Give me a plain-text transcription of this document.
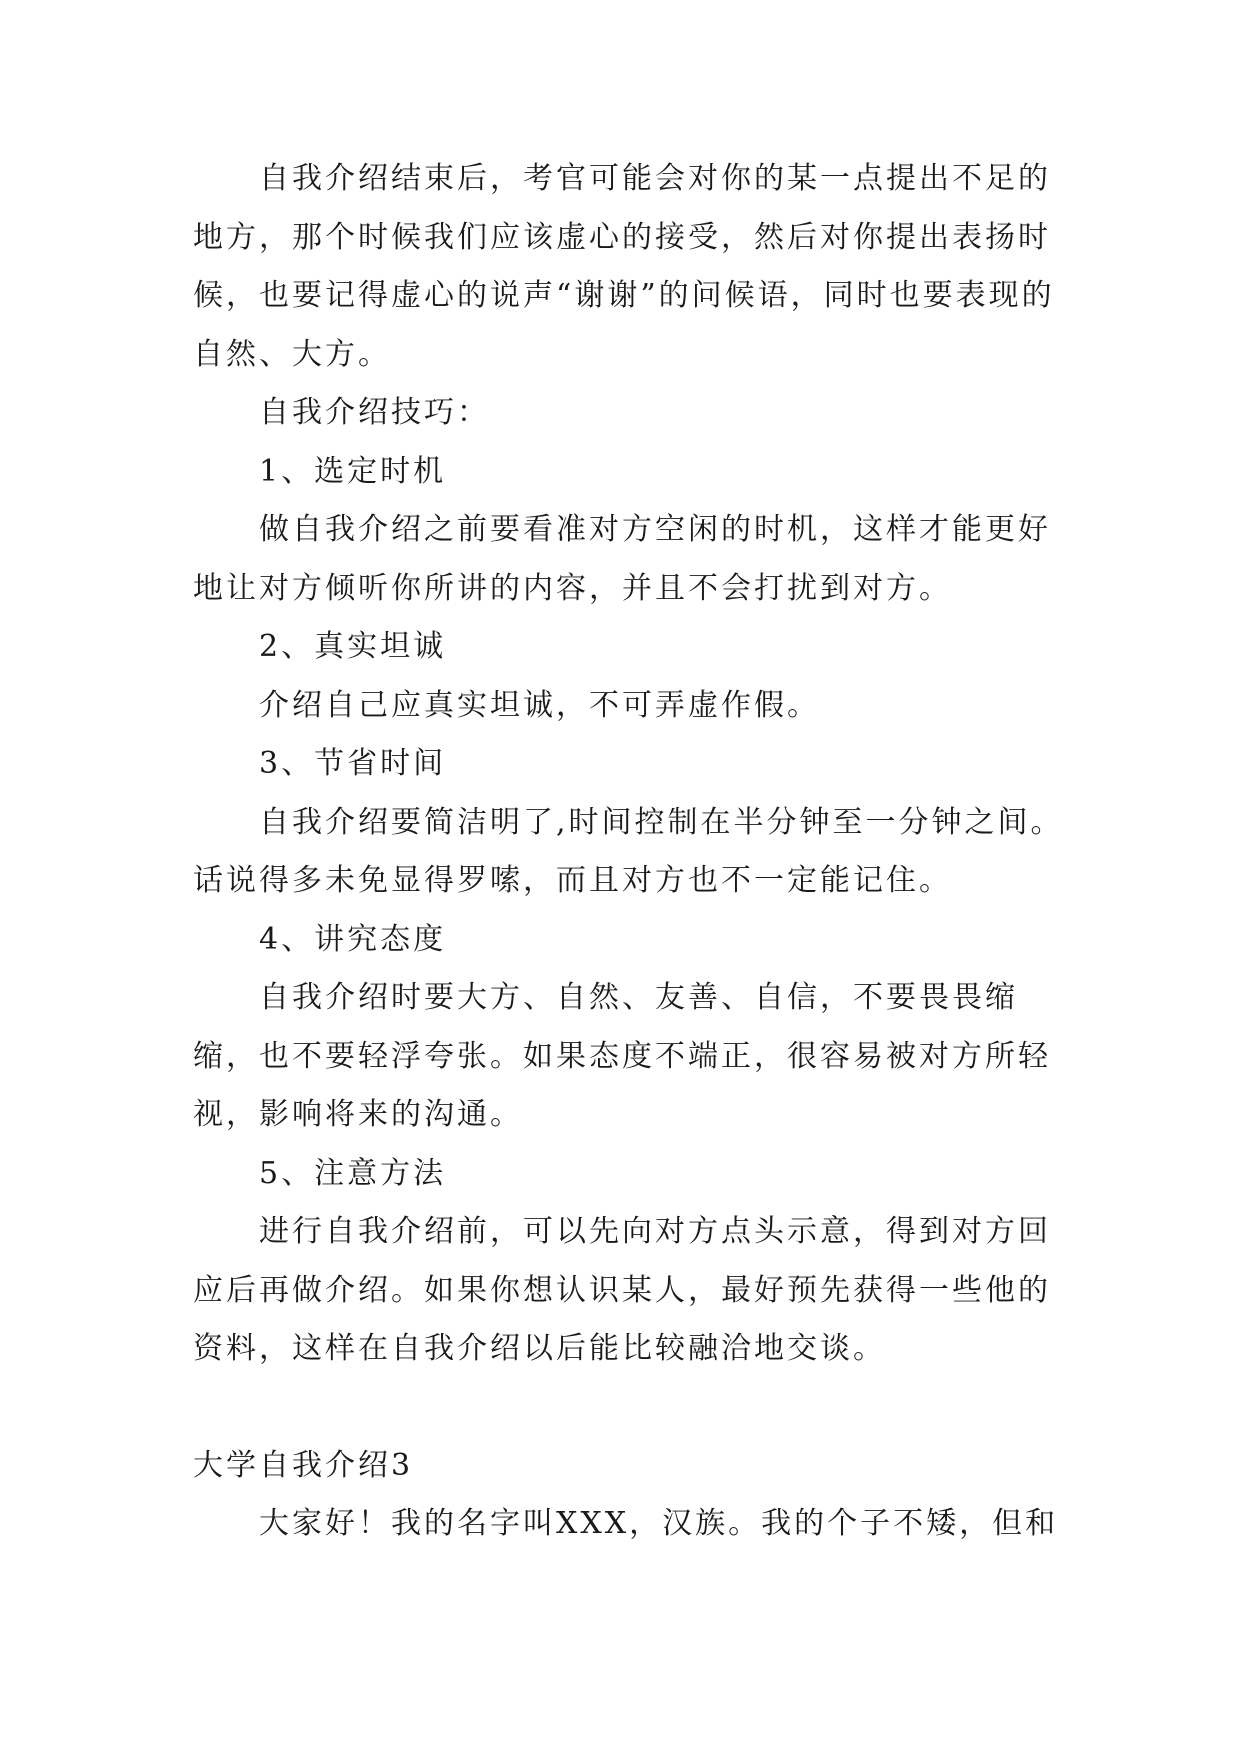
自我介绍结束后，考官可能会对你的某一点提出不足的地方，那个时候我们应该虚心的接受，然后对你提出表扬时候，也要记得虚心的说声“谢谢”的问候语，同时也要表现的自然、大方。

自我介绍技巧：

1、选定时机

做自我介绍之前要看准对方空闲的时机，这样才能更好地让对方倾听你所讲的内容，并且不会打扰到对方。

2、真实坦诚

介绍自己应真实坦诚，不可弄虚作假。

3、节省时间

自我介绍要简洁明了,时间控制在半分钟至一分钟之间。话说得多未免显得罗嗦，而且对方也不一定能记住。

4、讲究态度

自我介绍时要大方、自然、友善、自信，不要畏畏缩缩，也不要轻浮夸张。如果态度不端正，很容易被对方所轻视，影响将来的沟通。

5、注意方法

进行自我介绍前，可以先向对方点头示意，得到对方回应后再做介绍。如果你想认识某人，最好预先获得一些他的资料，这样在自我介绍以后能比较融洽地交谈。

大学自我介绍3

大家好！我的名字叫XXX，汉族。我的个子不矮，但和
